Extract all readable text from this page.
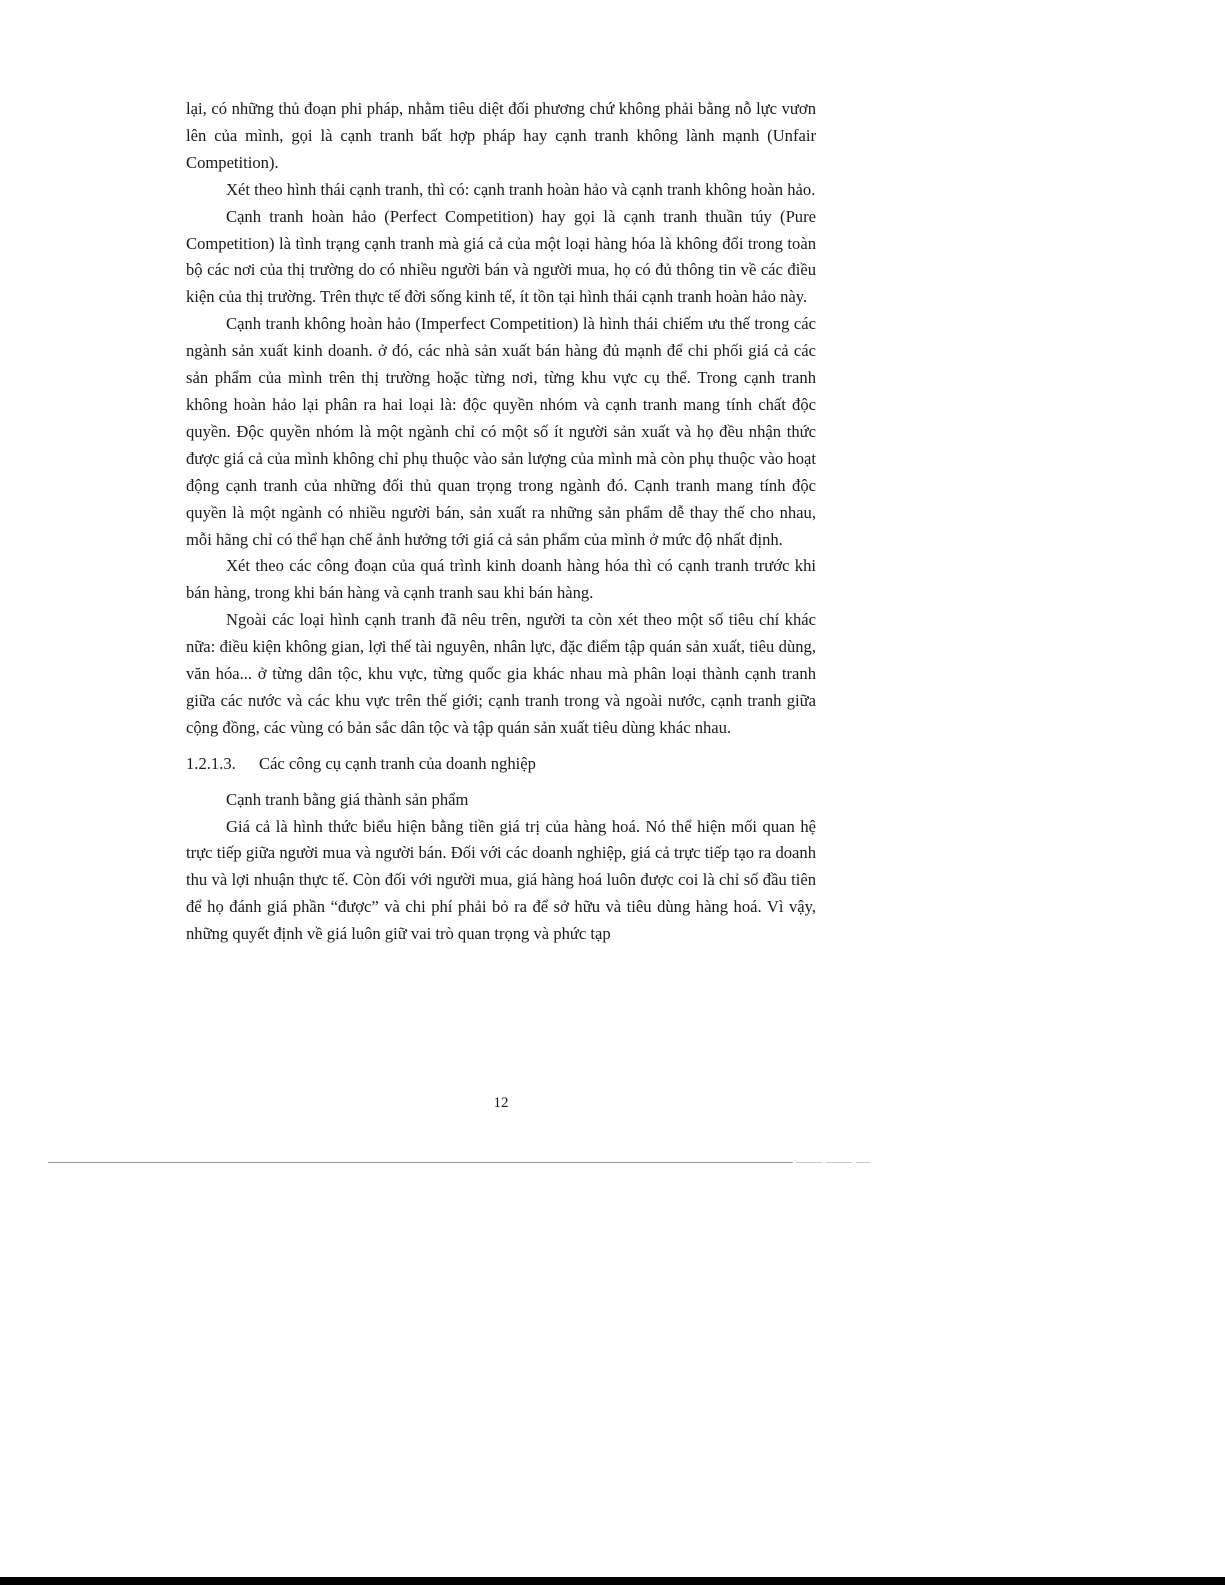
lại, có những thủ đoạn phi pháp, nhằm tiêu diệt đối phương chứ không phải bằng nỗ lực vươn lên của mình, gọi là cạnh tranh bất hợp pháp hay cạnh tranh không lành mạnh (Unfair Competition).

Xét theo hình thái cạnh tranh, thì có: cạnh tranh hoàn hảo và cạnh tranh không hoàn hảo.

Cạnh tranh hoàn hảo (Perfect Competition) hay gọi là cạnh tranh thuần túy (Pure Competition) là tình trạng cạnh tranh mà giá cả của một loại hàng hóa là không đổi trong toàn bộ các nơi của thị trường do có nhiều người bán và người mua, họ có đủ thông tin về các điều kiện của thị trường. Trên thực tế đời sống kinh tế, ít tồn tại hình thái cạnh tranh hoàn hảo này.

Cạnh tranh không hoàn hảo (Imperfect Competition) là hình thái chiếm ưu thế trong các ngành sản xuất kinh doanh. ở đó, các nhà sản xuất bán hàng đủ mạnh để chi phối giá cả các sản phẩm của mình trên thị trường hoặc từng nơi, từng khu vực cụ thể. Trong cạnh tranh không hoàn hảo lại phân ra hai loại là: độc quyền nhóm và cạnh tranh mang tính chất độc quyền. Độc quyền nhóm là một ngành chỉ có một số ít người sản xuất và họ đều nhận thức được giá cả của mình không chỉ phụ thuộc vào sản lượng của mình mà còn phụ thuộc vào hoạt động cạnh tranh của những đối thủ quan trọng trong ngành đó. Cạnh tranh mang tính độc quyền là một ngành có nhiều người bán, sản xuất ra những sản phẩm dễ thay thế cho nhau, mỗi hãng chỉ có thể hạn chế ảnh hưởng tới giá cả sản phẩm của mình ở mức độ nhất định.

Xét theo các công đoạn của quá trình kinh doanh hàng hóa thì có cạnh tranh trước khi bán hàng, trong khi bán hàng và cạnh tranh sau khi bán hàng.

Ngoài các loại hình cạnh tranh đã nêu trên, người ta còn xét theo một số tiêu chí khác nữa: điều kiện không gian, lợi thế tài nguyên, nhân lực, đặc điểm tập quán sản xuất, tiêu dùng, văn hóa... ở từng dân tộc, khu vực, từng quốc gia khác nhau mà phân loại thành cạnh tranh giữa các nước và các khu vực trên thế giới; cạnh tranh trong và ngoài nước, cạnh tranh giữa cộng đồng, các vùng có bản sắc dân tộc và tập quán sản xuất tiêu dùng khác nhau.

1.2.1.3. Các công cụ cạnh tranh của doanh nghiệp

Cạnh tranh bằng giá thành sản phẩm

Giá cả là hình thức biểu hiện bằng tiền giá trị của hàng hoá. Nó thể hiện mối quan hệ trực tiếp giữa người mua và người bán. Đối với các doanh nghiệp, giá cả trực tiếp tạo ra doanh thu và lợi nhuận thực tế. Còn đối với người mua, giá hàng hoá luôn được coi là chỉ số đầu tiên để họ đánh giá phần “được” và chi phí phải bỏ ra để sở hữu và tiêu dùng hàng hoá. Vì vậy, những quyết định về giá luôn giữ vai trò quan trọng và phức tạp

12
